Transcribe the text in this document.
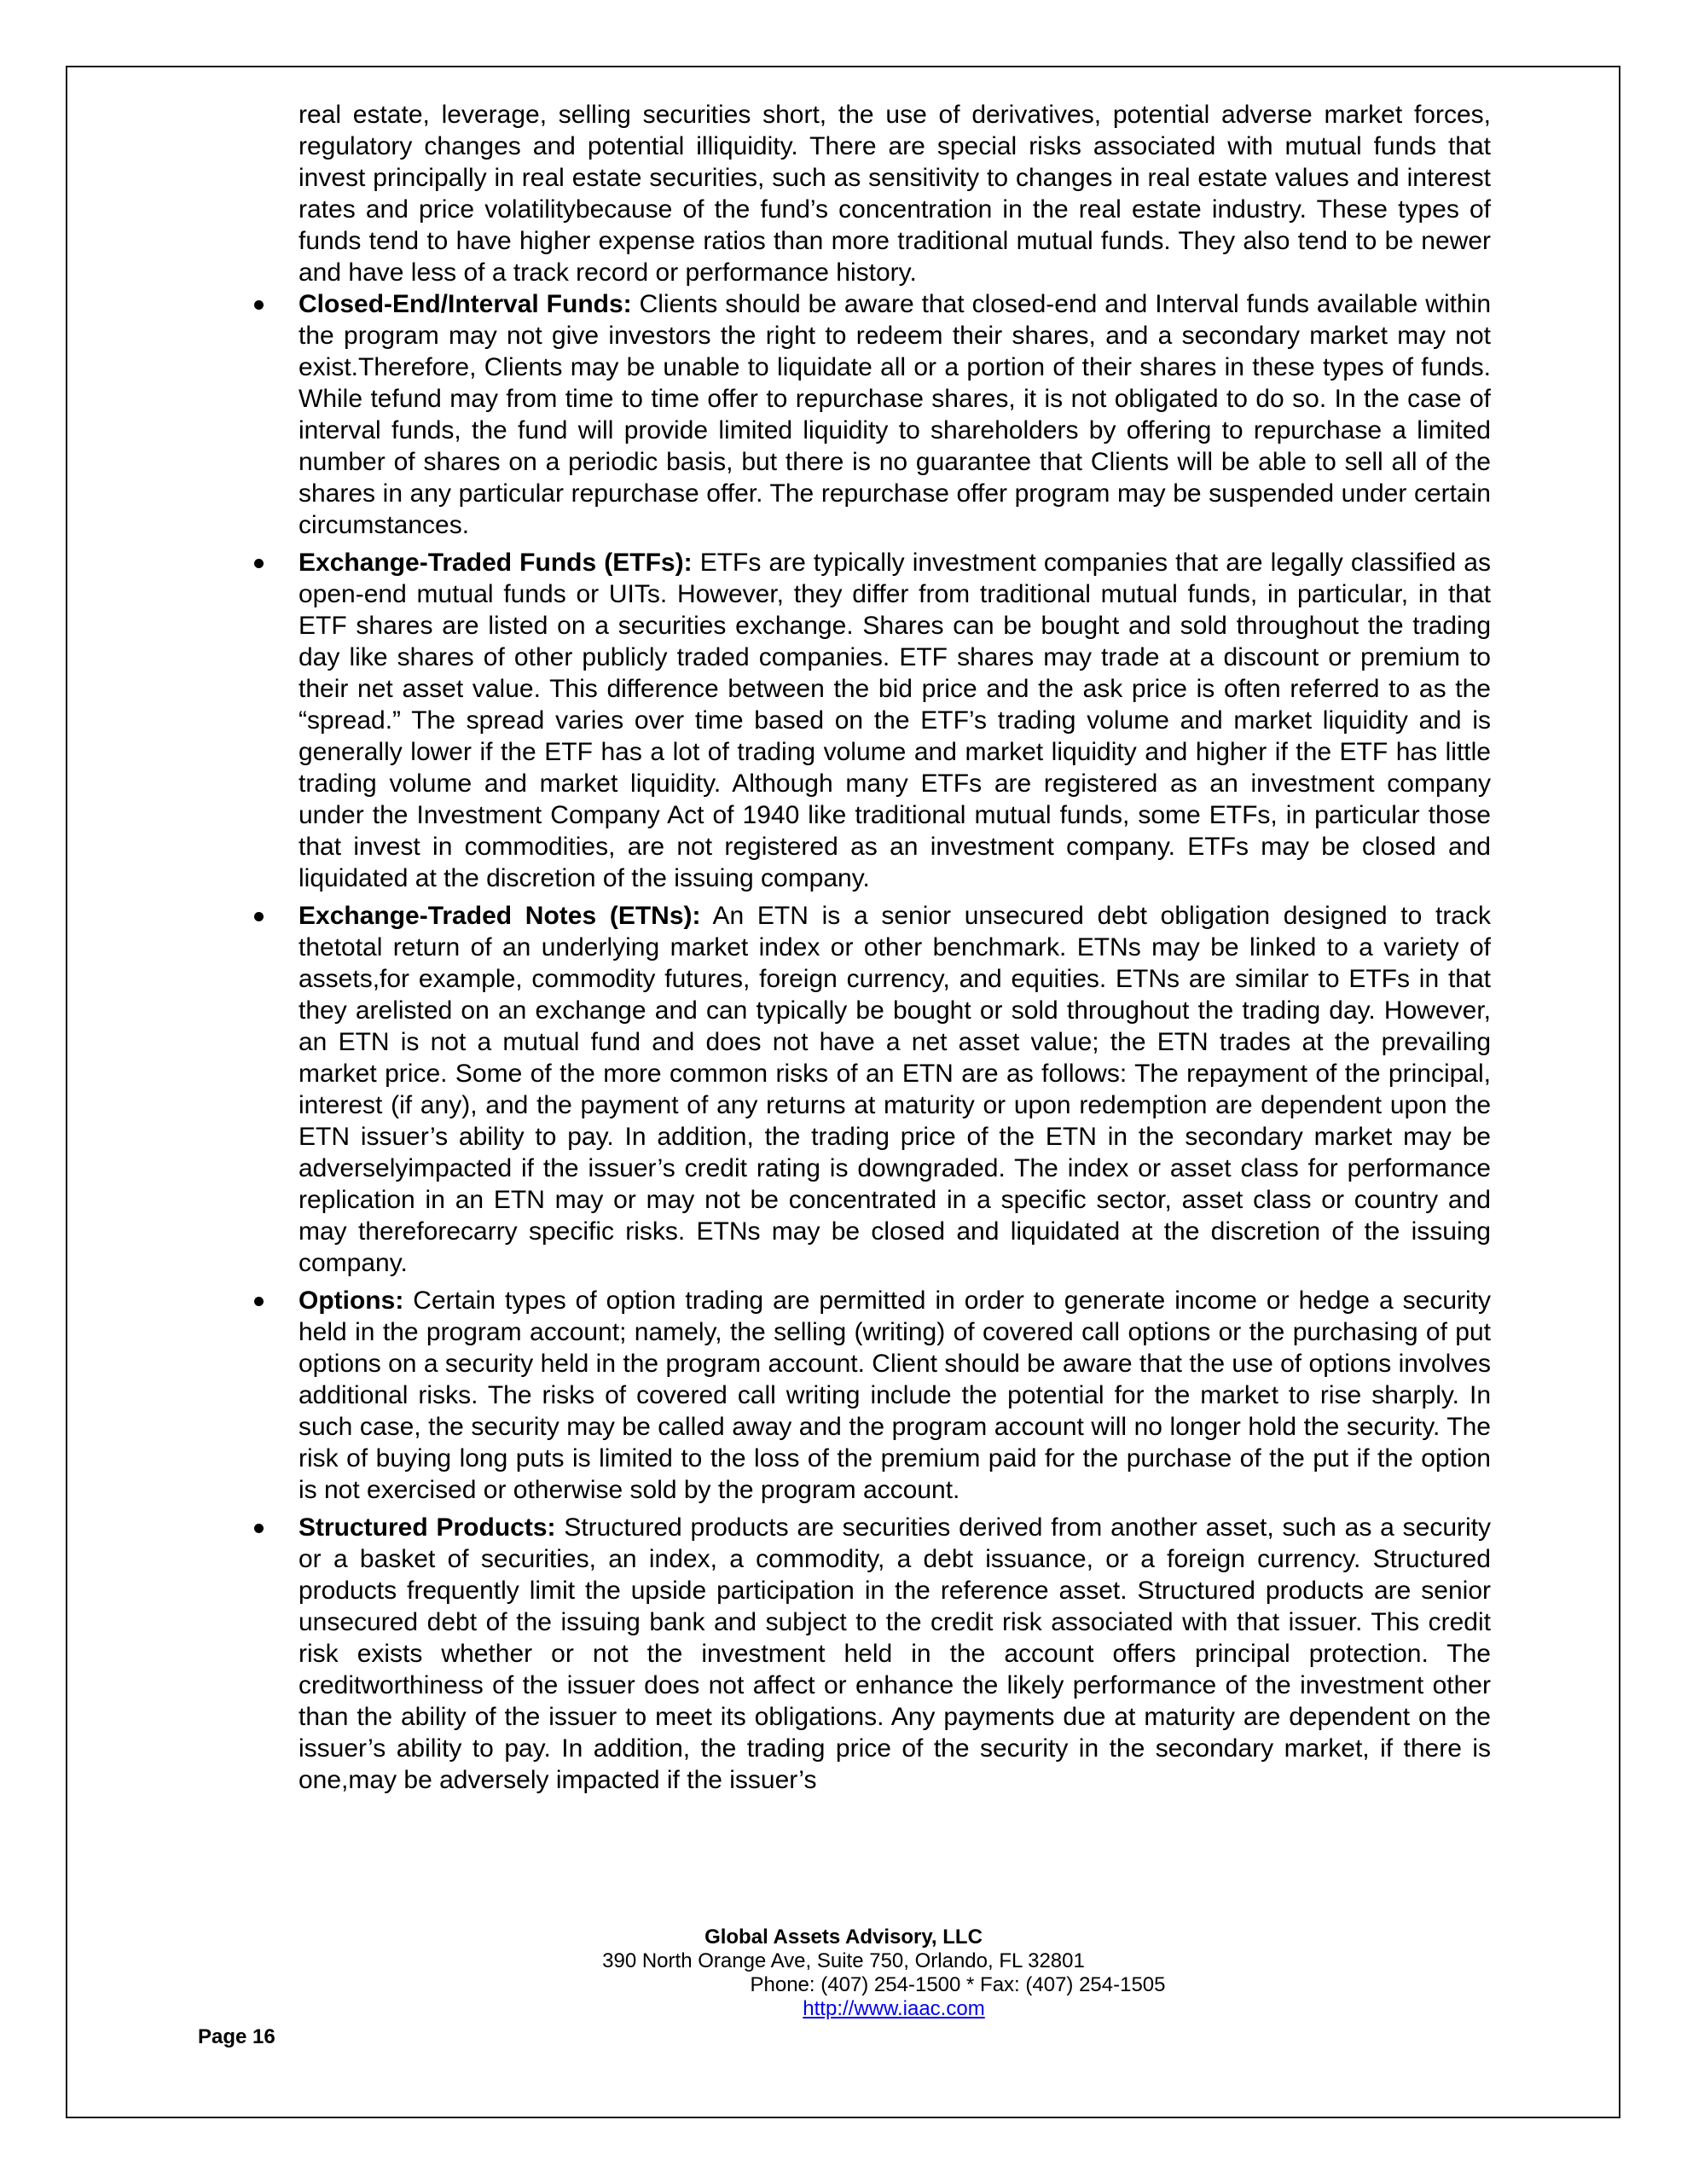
real estate, leverage, selling securities short, the use of derivatives, potential adverse market forces, regulatory changes and potential illiquidity. There are special risks associated with mutual funds that invest principally in real estate securities, such as sensitivity to changes in real estate values and interest rates and price volatilitybecause of the fund’s concentration in the real estate industry. These types of funds tend to have higher expense ratios than more traditional mutual funds. They also tend to be newer and have less of a track record or performance history.

Closed-End/Interval Funds: Clients should be aware that closed-end and Interval funds available within the program may not give investors the right to redeem their shares, and a secondary market may not exist.Therefore, Clients may be unable to liquidate all or a portion of their shares in these types of funds. While tefund may from time to time offer to repurchase shares, it is not obligated to do so. In the case of interval funds, the fund will provide limited liquidity to shareholders by offering to repurchase a limited number of shares on a periodic basis, but there is no guarantee that Clients will be able to sell all of the shares in any particular repurchase offer. The repurchase offer program may be suspended under certain circumstances.
Exchange-Traded Funds (ETFs): ETFs are typically investment companies that are legally classified as open-end mutual funds or UITs. However, they differ from traditional mutual funds, in particular, in that ETF shares are listed on a securities exchange. Shares can be bought and sold throughout the trading day like shares of other publicly traded companies. ETF shares may trade at a discount or premium to their net asset value. This difference between the bid price and the ask price is often referred to as the “spread.” The spread varies over time based on the ETF’s trading volume and market liquidity and is generally lower if the ETF has a lot of trading volume and market liquidity and higher if the ETF has little trading volume and market liquidity. Although many ETFs are registered as an investment company under the Investment Company Act of 1940 like traditional mutual funds, some ETFs, in particular those that invest in commodities, are not registered as an investment company. ETFs may be closed and liquidated at the discretion of the issuing company.
Exchange-Traded Notes (ETNs): An ETN is a senior unsecured debt obligation designed to track thetotal return of an underlying market index or other benchmark. ETNs may be linked to a variety of assets,for example, commodity futures, foreign currency, and equities. ETNs are similar to ETFs in that they arelisted on an exchange and can typically be bought or sold throughout the trading day. However, an ETN is not a mutual fund and does not have a net asset value; the ETN trades at the prevailing market price. Some of the more common risks of an ETN are as follows: The repayment of the principal, interest (if any), and the payment of any returns at maturity or upon redemption are dependent upon the ETN issuer’s ability to pay. In addition, the trading price of the ETN in the secondary market may be adverselyimpacted if the issuer’s credit rating is downgraded. The index or asset class for performance replication in an ETN may or may not be concentrated in a specific sector, asset class or country and may thereforecarry specific risks. ETNs may be closed and liquidated at the discretion of the issuing company.
Options: Certain types of option trading are permitted in order to generate income or hedge a security held in the program account; namely, the selling (writing) of covered call options or the purchasing of put options on a security held in the program account. Client should be aware that the use of options involves additional risks. The risks of covered call writing include the potential for the market to rise sharply. In such case, the security may be called away and the program account will no longer hold the security. The risk of buying long puts is limited to the loss of the premium paid for the purchase of the put if the option is not exercised or otherwise sold by the program account.
Structured Products: Structured products are securities derived from another asset, such as a security or a basket of securities, an index, a commodity, a debt issuance, or a foreign currency. Structured products frequently limit the upside participation in the reference asset. Structured products are senior unsecured debt of the issuing bank and subject to the credit risk associated with that issuer. This credit risk exists whether or not the investment held in the account offers principal protection. The creditworthiness of the issuer does not affect or enhance the likely performance of the investment other than the ability of the issuer to meet its obligations. Any payments due at maturity are dependent on the issuer’s ability to pay. In addition, the trading price of the security in the secondary market, if there is one,may be adversely impacted if the issuer’s
Global Assets Advisory, LLC
390 North Orange Ave, Suite 750, Orlando, FL 32801
Phone: (407) 254-1500 * Fax: (407) 254-1505
http://www.iaac.com
Page 16
